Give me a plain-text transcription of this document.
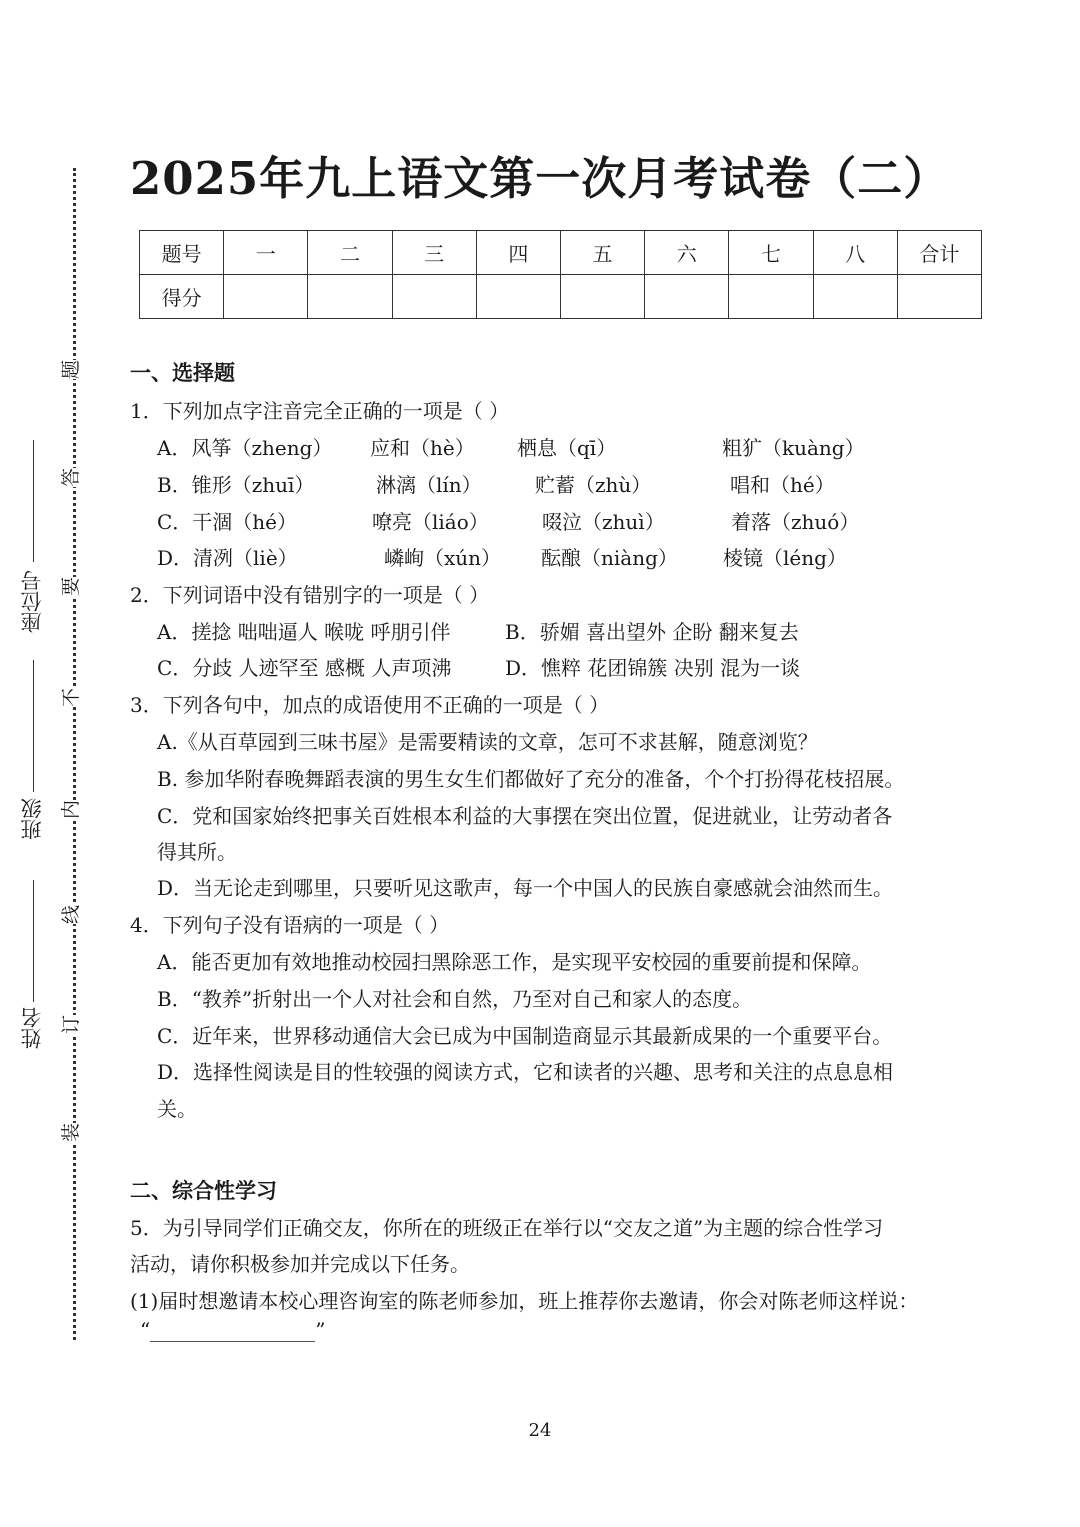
座位号
班级
姓名
题
答
要
不
内
线
订
装
2025年九上语文第一次月考试卷（二）
题号	一	二	三	四	五	六	七	八	合计
得分									
一、选择题
1．下列加点字注音完全正确的一项是（ ）
A．风筝（zheng） 应和（hè） 栖息（qī）	粗犷（kuàng）
B．锥形（zhuī）	淋漓（lín）	贮蓄（zhù）	唱和（hé）
C．干涸（hé）	嘹亮（liáo）	啜泣（zhuì）	着落（zhuó）
D．清冽（liè）	嶙峋（xún） 酝酿（niàng） 棱镜（léng）
2．下列词语中没有错别字的一项是（ ）
A．搓捻 咄咄逼人 喉咙 呼朋引伴	B．骄媚 喜出望外 企盼 翻来复去
C．分歧 人迹罕至 感概 人声项沸	D．憔粹 花团锦簇 决别 混为一谈
3．下列各句中，加点的成语使用不正确的一项是（ ）
A.《从百草园到三味书屋》是需要精读的文章，怎可不求甚解，随意浏览？
B. 参加华附春晚舞蹈表演的男生女生们都做好了充分的准备，个个打扮得花枝招展。
C．党和国家始终把事关百姓根本利益的大事摆在突出位置，促进就业，让劳动者各
得其所。
D．当无论走到哪里，只要听见这歌声，每一个中国人的民族自豪感就会油然而生。
4．下列句子没有语病的一项是（ ）
A．能否更加有效地推动校园扫黑除恶工作，是实现平安校园的重要前提和保障。
B．“教养”折射出一个人对社会和自然，乃至对自己和家人的态度。
C．近年来，世界移动通信大会已成为中国制造商显示其最新成果的一个重要平台。
D．选择性阅读是目的性较强的阅读方式，它和读者的兴趣、思考和关注的点息息相
关。
二、综合性学习
5．为引导同学们正确交友，你所在的班级正在举行以“交友之道”为主题的综合性学习
活动，请你积极参加并完成以下任务。
(1)届时想邀请本校心理咨询室的陈老师参加，班上推荐你去邀请，你会对陈老师这样说：
“	”
24
